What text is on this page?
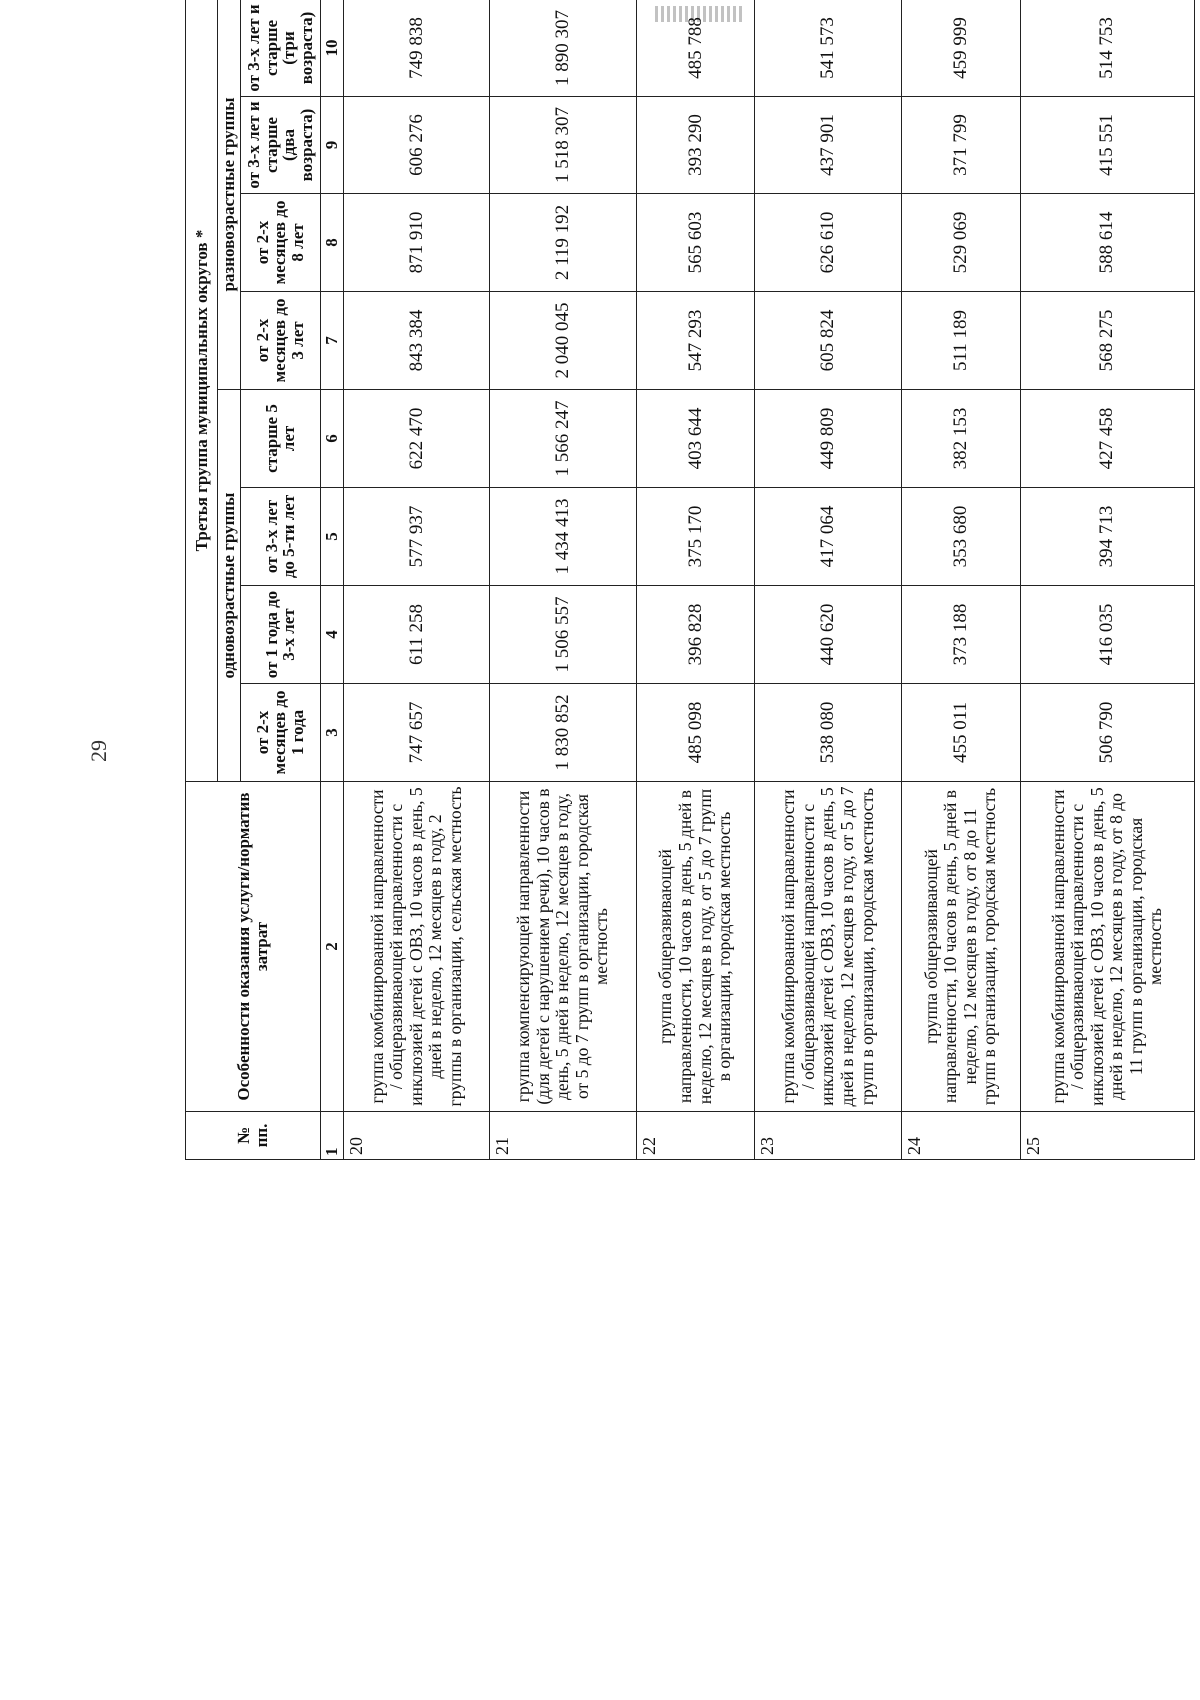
29
№ пп.	Особенности оказания услуги/норматив затрат	Третья группа муниципальных округов *							
		одновозрастные группы				разновозрастные группы			
		от 2-х месяцев до 1 года	от 1 года до 3-х лет	от 3-х лет до 5-ти лет	старше 5 лет	от 2-х месяцев до 3 лет	от 2-х месяцев до 8 лет	от 3-х лет и старше (два возраста)	от 3-х лет и старше (три возраста)
1	2	3	4	5	6	7	8	9	10
20	группа комбинированной направленности / общеразвивающей направленности с инклюзией детей с ОВЗ, 10 часов в день, 5 дней в неделю, 12 месяцев в году, 2 группы в организации, сельская местность	747 657	611 258	577 937	622 470	843 384	871 910	606 276	749 838
21	группа компенсирующей направленности (для детей с нарушением речи), 10 часов в день, 5 дней в неделю, 12 месяцев в году, от 5 до 7 групп в организации, городская местность	1 830 852	1 506 557	1 434 413	1 566 247	2 040 045	2 119 192	1 518 307	1 890 307
22	группа общеразвивающей направленности, 10 часов в день, 5 дней в неделю, 12 месяцев в году, от 5 до 7 групп в организации, городская местность	485 098	396 828	375 170	403 644	547 293	565 603	393 290	485 788
23	группа комбинированной направленности / общеразвивающей направленности с инклюзией детей с ОВЗ, 10 часов в день, 5 дней в неделю, 12 месяцев в году, от 5 до 7 групп в организации, городская местность	538 080	440 620	417 064	449 809	605 824	626 610	437 901	541 573
24	группа общеразвивающей направленности, 10 часов в день, 5 дней в неделю, 12 месяцев в году, от 8 до 11 групп в организации, городская местность	455 011	373 188	353 680	382 153	511 189	529 069	371 799	459 999
25	группа комбинированной направленности / общеразвивающей направленности с инклюзией детей с ОВЗ, 10 часов в день, 5 дней в неделю, 12 месяцев в году, от 8 до 11 групп в организации, городская местность	506 790	416 035	394 713	427 458	568 275	588 614	415 551	514 753
